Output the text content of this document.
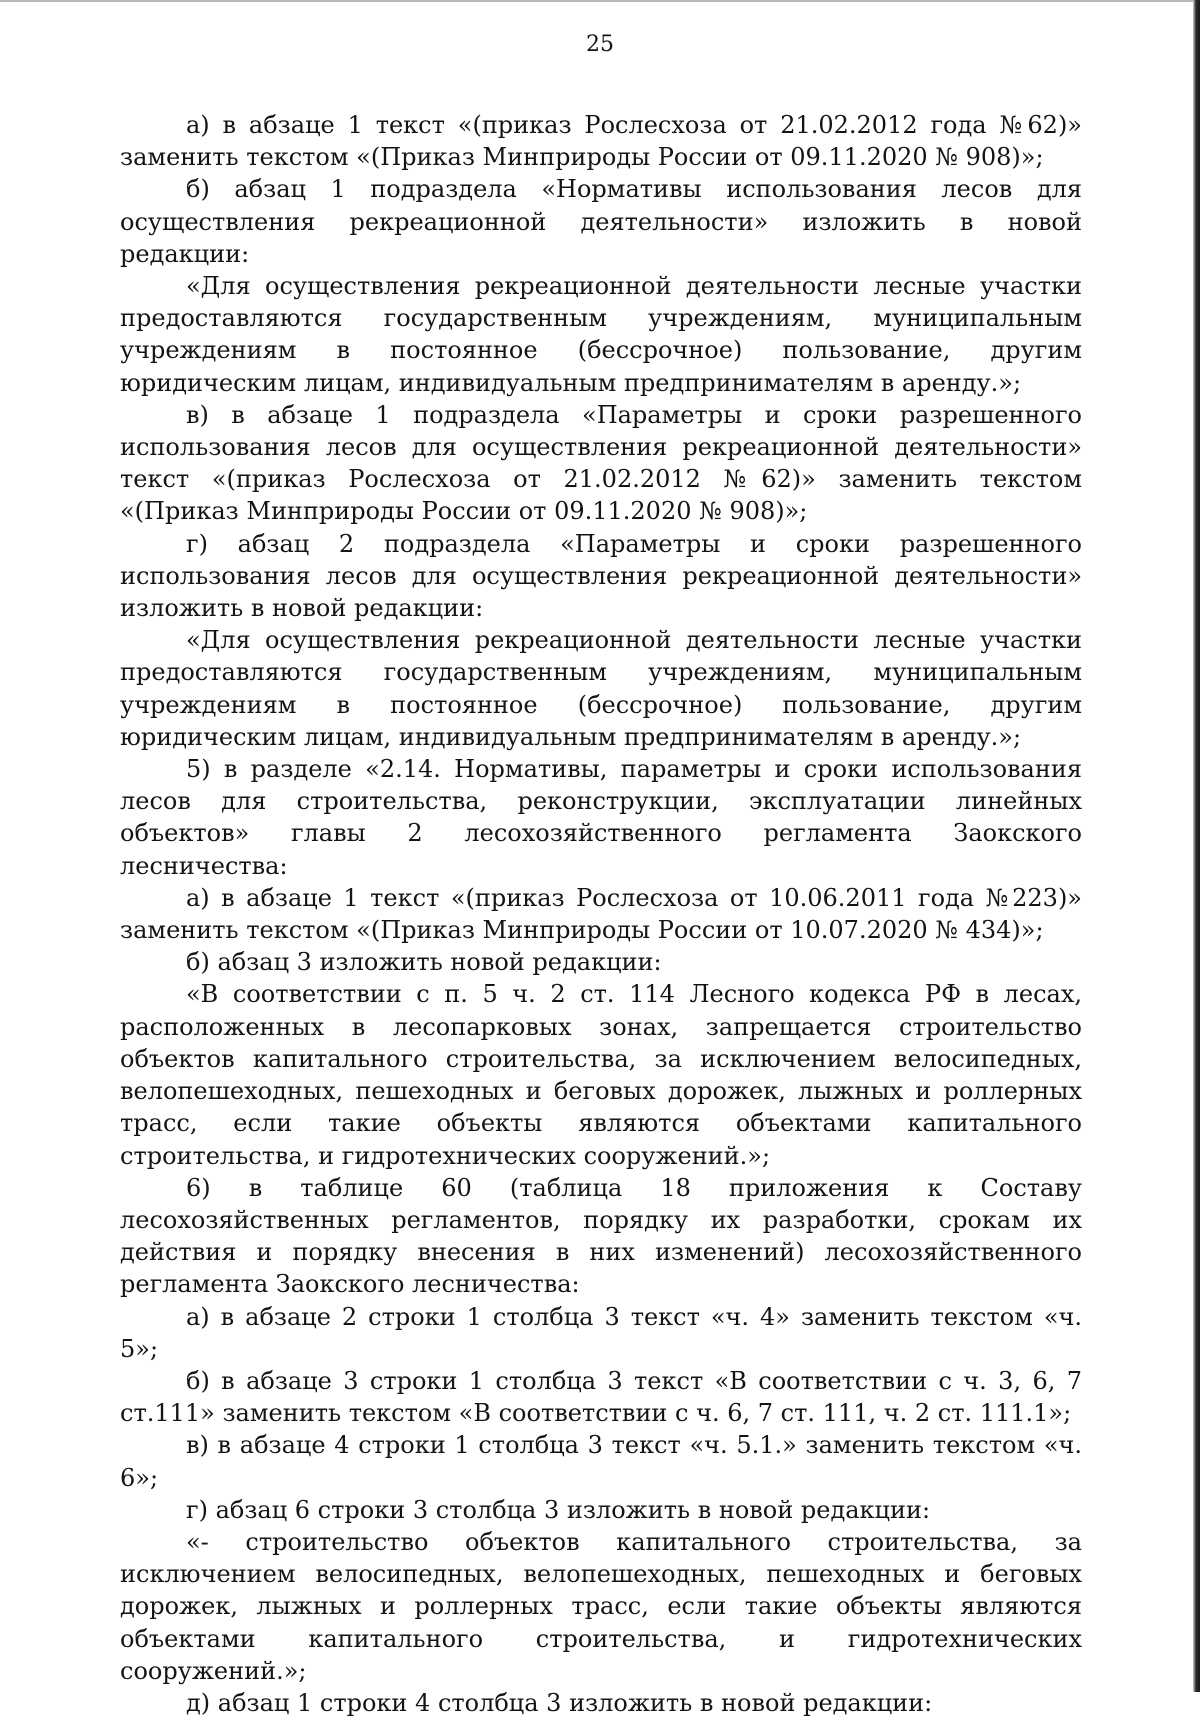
25

а) в абзаце 1 текст «(приказ Рослесхоза от 21.02.2012 года №62)» заменить текстом «(Приказ Минприроды России от 09.11.2020 № 908)»;

б) абзац 1 подраздела «Нормативы использования лесов для осуществления рекреационной деятельности» изложить в новой редакции:

«Для осуществления рекреационной деятельности лесные участки предоставляются государственным учреждениям, муниципальным учреждениям в постоянное (бессрочное) пользование, другим юридическим лицам, индивидуальным предпринимателям в аренду.»;

в) в абзаце 1 подраздела «Параметры и сроки разрешенного использования лесов для осуществления рекреационной деятельности» текст «(приказ Рослесхоза от 21.02.2012 №62)» заменить текстом «(Приказ Минприроды России от 09.11.2020 № 908)»;

г) абзац 2 подраздела «Параметры и сроки разрешенного использования лесов для осуществления рекреационной деятельности» изложить в новой редакции:

«Для осуществления рекреационной деятельности лесные участки предоставляются государственным учреждениям, муниципальным учреждениям в постоянное (бессрочное) пользование, другим юридическим лицам, индивидуальным предпринимателям в аренду.»;

5) в разделе «2.14. Нормативы, параметры и сроки использования лесов для строительства, реконструкции, эксплуатации линейных объектов» главы 2 лесохозяйственного регламента Заокского лесничества:

а) в абзаце 1 текст «(приказ Рослесхоза от 10.06.2011 года №223)» заменить текстом «(Приказ Минприроды России от 10.07.2020 № 434)»;

б) абзац 3 изложить новой редакции:

«В соответствии с п. 5 ч. 2 ст. 114 Лесного кодекса РФ в лесах, расположенных в лесопарковых зонах, запрещается строительство объектов капитального строительства, за исключением велосипедных, велопешеходных, пешеходных и беговых дорожек, лыжных и роллерных трасс, если такие объекты являются объектами капитального строительства, и гидротехнических сооружений.»;

6) в таблице 60 (таблица 18 приложения к Составу лесохозяйственных регламентов, порядку их разработки, срокам их действия и порядку внесения в них изменений) лесохозяйственного регламента Заокского лесничества:

а) в абзаце 2 строки 1 столбца 3 текст «ч. 4» заменить текстом «ч. 5»;

б) в абзаце 3 строки 1 столбца 3 текст «В соответствии с ч. 3, 6, 7 ст.111» заменить текстом «В соответствии с ч. 6, 7 ст. 111, ч. 2 ст. 111.1»;

в) в абзаце 4 строки 1 столбца 3 текст «ч. 5.1.» заменить текстом «ч. 6»;

г) абзац 6 строки 3 столбца 3 изложить в новой редакции:

«- строительство объектов капитального строительства, за исключением велосипедных, велопешеходных, пешеходных и беговых дорожек, лыжных и роллерных трасс, если такие объекты являются объектами капитального строительства, и гидротехнических сооружений.»;

д) абзац 1 строки 4 столбца 3 изложить в новой редакции:
